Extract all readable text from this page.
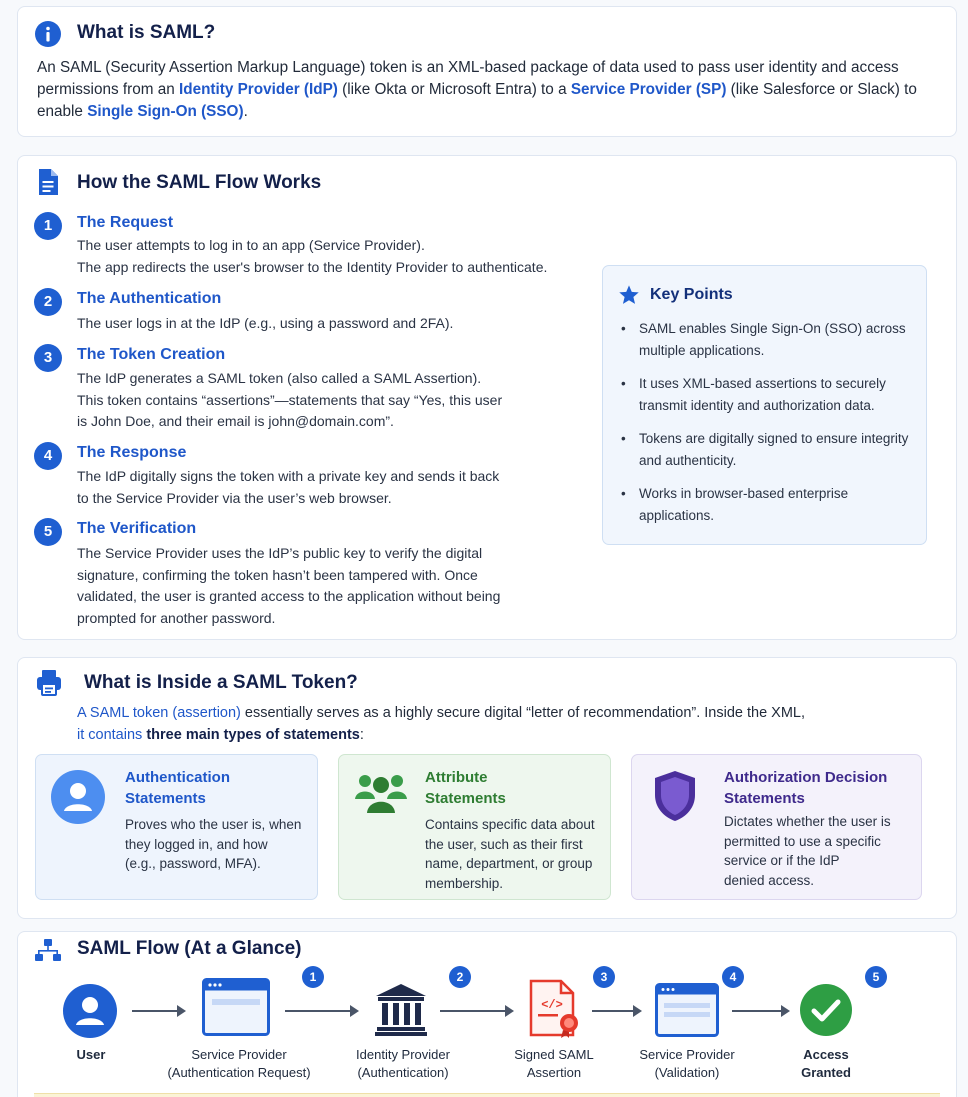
What is SAML?
An SAML (Security Assertion Markup Language) token is an XML-based package of data used to pass user identity and access permissions from an Identity Provider (IdP) (like Okta or Microsoft Entra) to a Service Provider (SP) (like Salesforce or Slack) to enable Single Sign-On (SSO).
How the SAML Flow Works
1	The Request
The user attempts to log in to an app (Service Provider).
The app redirects the user's browser to the Identity Provider to authenticate.
2	The Authentication
The user logs in at the IdP (e.g., using a password and 2FA).
3	The Token Creation
The IdP generates a SAML token (also called a SAML Assertion).
This token contains “assertions”—statements that say “Yes, this user
is John Doe, and their email is john@domain.com”.
4	The Response
The IdP digitally signs the token with a private key and sends it back
to the Service Provider via the user’s web browser.
5	The Verification
The Service Provider uses the IdP’s public key to verify the digital
signature, confirming the token hasn’t been tampered with. Once
validated, the user is granted access to the application without being
prompted for another password.
Key Points
• SAML enables Single Sign-On (SSO) across multiple applications.
• It uses XML-based assertions to securely transmit identity and authorization data.
• Tokens are digitally signed to ensure integrity and authenticity.
• Works in browser-based enterprise applications.
What is Inside a SAML Token?
A SAML token (assertion) essentially serves as a highly secure digital “letter of recommendation”. Inside the XML,
it contains three main types of statements:
Authentication
Statements
Proves who the user is, when
they logged in, and how
(e.g., password, MFA).
Attribute
Statements
Contains specific data about
the user, such as their first
name, department, or group
membership.
Authorization Decision
Statements
Dictates whether the user is
permitted to use a specific
service or if the IdP
denied access.
SAML Flow (At a Glance)
</>
1	2	3	4	5
User	Service Provider
(Authentication Request)
Identity Provider
(Authentication)
Signed SAML
Assertion
Service Provider
(Validation)
Access
Granted
